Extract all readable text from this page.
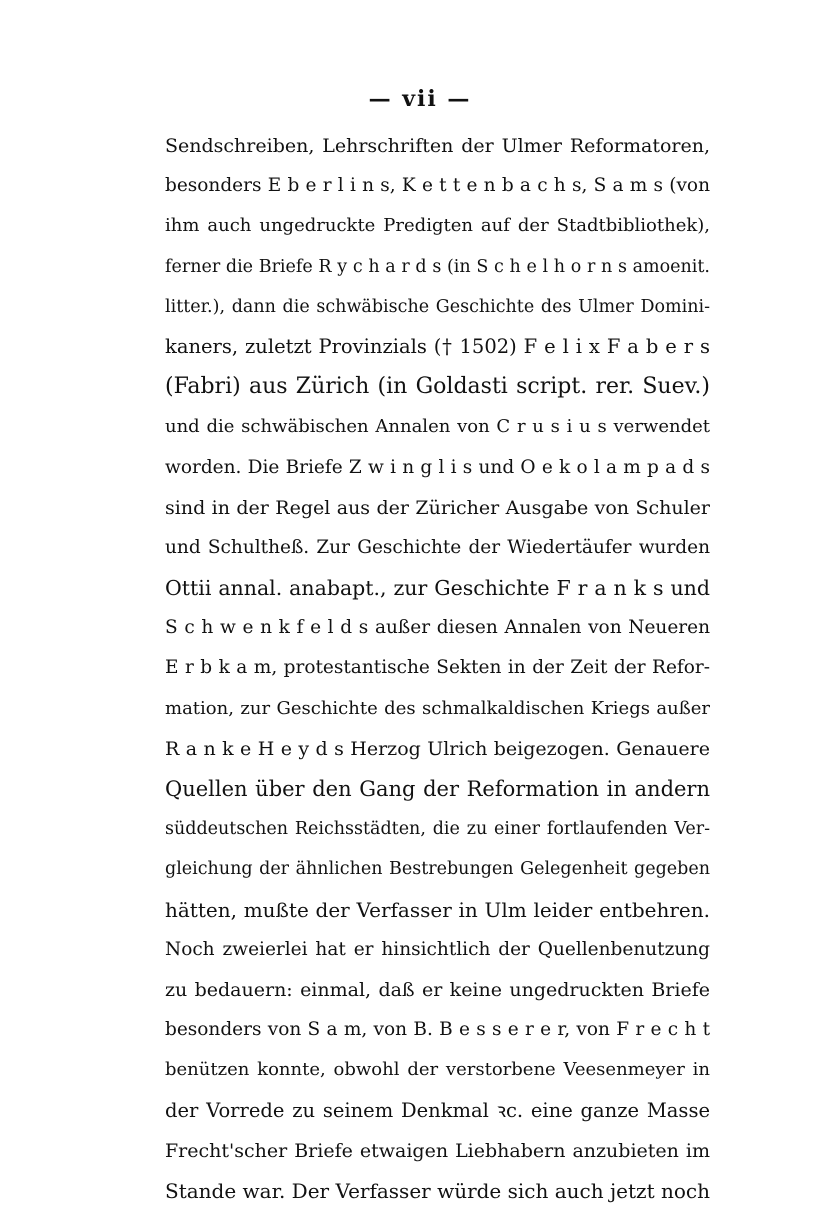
— vii —
Sendschreiben, Lehrschriften der Ulmer Reformatoren,
besonders E b e r l i n s, K e t t e n b a c h s, S a m s (von
ihm auch ungedruckte Predigten auf der Stadtbibliothek),
ferner die Briefe R y c h a r d s (in S c h e l h o r n s amoenit.
litter.), dann die schwäbische Geschichte des Ulmer Domini-
kaners, zuletzt Provinzials († 1502) F e l i x F a b e r s
(Fabri) aus Zürich (in Goldasti script. rer. Suev.)
und die schwäbischen Annalen von C r u s i u s verwendet
worden. Die Briefe Z w i n g l i s und O e k o l a m p a d s
sind in der Regel aus der Züricher Ausgabe von Schuler
und Schultheß. Zur Geschichte der Wiedertäufer wurden
Ottii annal. anabapt., zur Geschichte F r a n k s und
S c h w e n k f e l d s außer diesen Annalen von Neueren
E r b k a m, protestantische Sekten in der Zeit der Refor-
mation, zur Geschichte des schmalkaldischen Kriegs außer
R a n k e H e y d s Herzog Ulrich beigezogen. Genauere
Quellen über den Gang der Reformation in andern
süddeutschen Reichsstädten, die zu einer fortlaufenden Ver-
gleichung der ähnlichen Bestrebungen Gelegenheit gegeben
hätten, mußte der Verfasser in Ulm leider entbehren.
Noch zweierlei hat er hinsichtlich der Quellenbenutzung
zu bedauern: einmal, daß er keine ungedruckten Briefe
besonders von S a m, von B. B e s s e r e r, von F r e c h t
benützen konnte, obwohl der verstorbene Veesenmeyer in
der Vorrede zu seinem Denkmal ꝛc. eine ganze Masse
Frecht'scher Briefe etwaigen Liebhabern anzubieten im
Stande war. Der Verfasser würde sich auch jetzt noch
